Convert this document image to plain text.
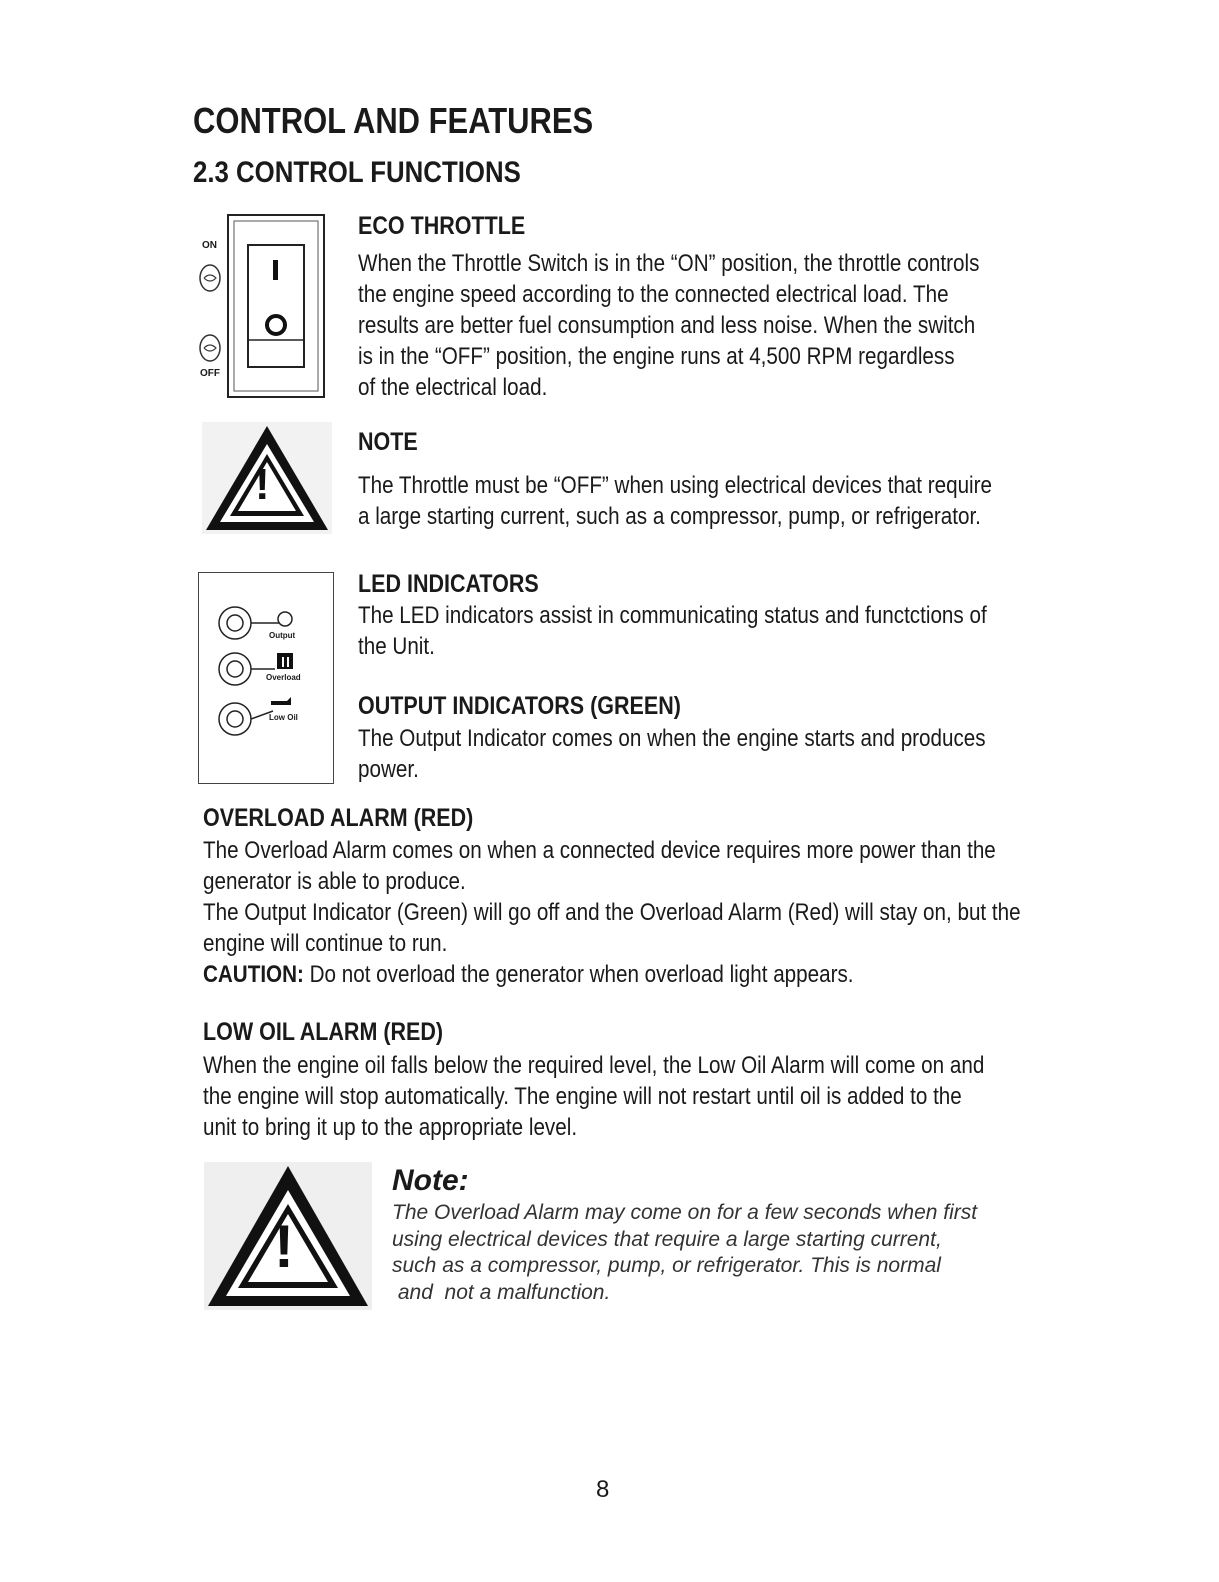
CONTROL AND FEATURES
2.3 CONTROL FUNCTIONS
ON
OFF
ECO THROTTLE

When the Throttle Switch is in the “ON” position, the throttle controls

the engine speed according to the connected electrical load. The

results are better fuel consumption and less noise. When the switch

is in the “OFF” position, the engine runs at 4,500 RPM regardless

of the electrical load.

!
NOTE

The Throttle must be “OFF” when using electrical devices that require

a large starting current, such as a compressor, pump, or refrigerator.

Output
Overload
Low Oil
LED INDICATORS

The LED indicators assist in communicating status and functctions of

the Unit.

OUTPUT INDICATORS (GREEN)

The Output Indicator comes on when the engine starts and produces

power.

OVERLOAD ALARM (RED)

The Overload Alarm comes on when a connected device requires more power than the

generator is able to produce.

The Output Indicator (Green) will go off and the Overload Alarm (Red) will stay on, but the

engine will continue to run.

CAUTION: Do not overload the generator when overload light appears.

LOW OIL ALARM (RED)

When the engine oil falls below the required level, the Low Oil Alarm will come on and

the engine will stop automatically. The engine will not restart until oil is added to the

unit to bring it up to the appropriate level.

!
Note:

The Overload Alarm may come on for a few seconds when first

using electrical devices that require a large starting current,

such as a compressor, pump, or refrigerator. This is normal

and  not a malfunction.

8
